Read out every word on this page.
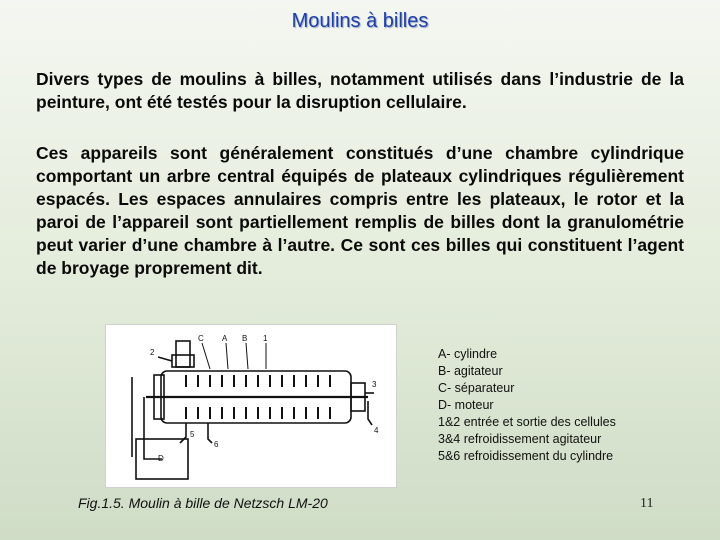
Moulins à billes
Divers types de moulins à billes, notamment utilisés dans l’industrie de la peinture, ont été testés pour la disruption cellulaire.
Ces appareils sont généralement constitués d’une chambre cylindrique comportant un arbre central équipés de plateaux cylindriques régulièrement espacés. Les espaces annulaires compris entre les plateaux, le rotor et la paroi de l’appareil sont partiellement remplis de billes dont la granulométrie peut varier d’une chambre à l’autre. Ce sont ces billes qui constituent l’agent de broyage proprement dit.
C A B 1
2
3
4
5
6
D
A- cylindre
B- agitateur
C- séparateur
D- moteur
1&2 entrée et sortie des cellules
3&4 refroidissement agitateur
5&6 refroidissement du cylindre
Fig.1.5. Moulin à bille de Netzsch LM-20	11
